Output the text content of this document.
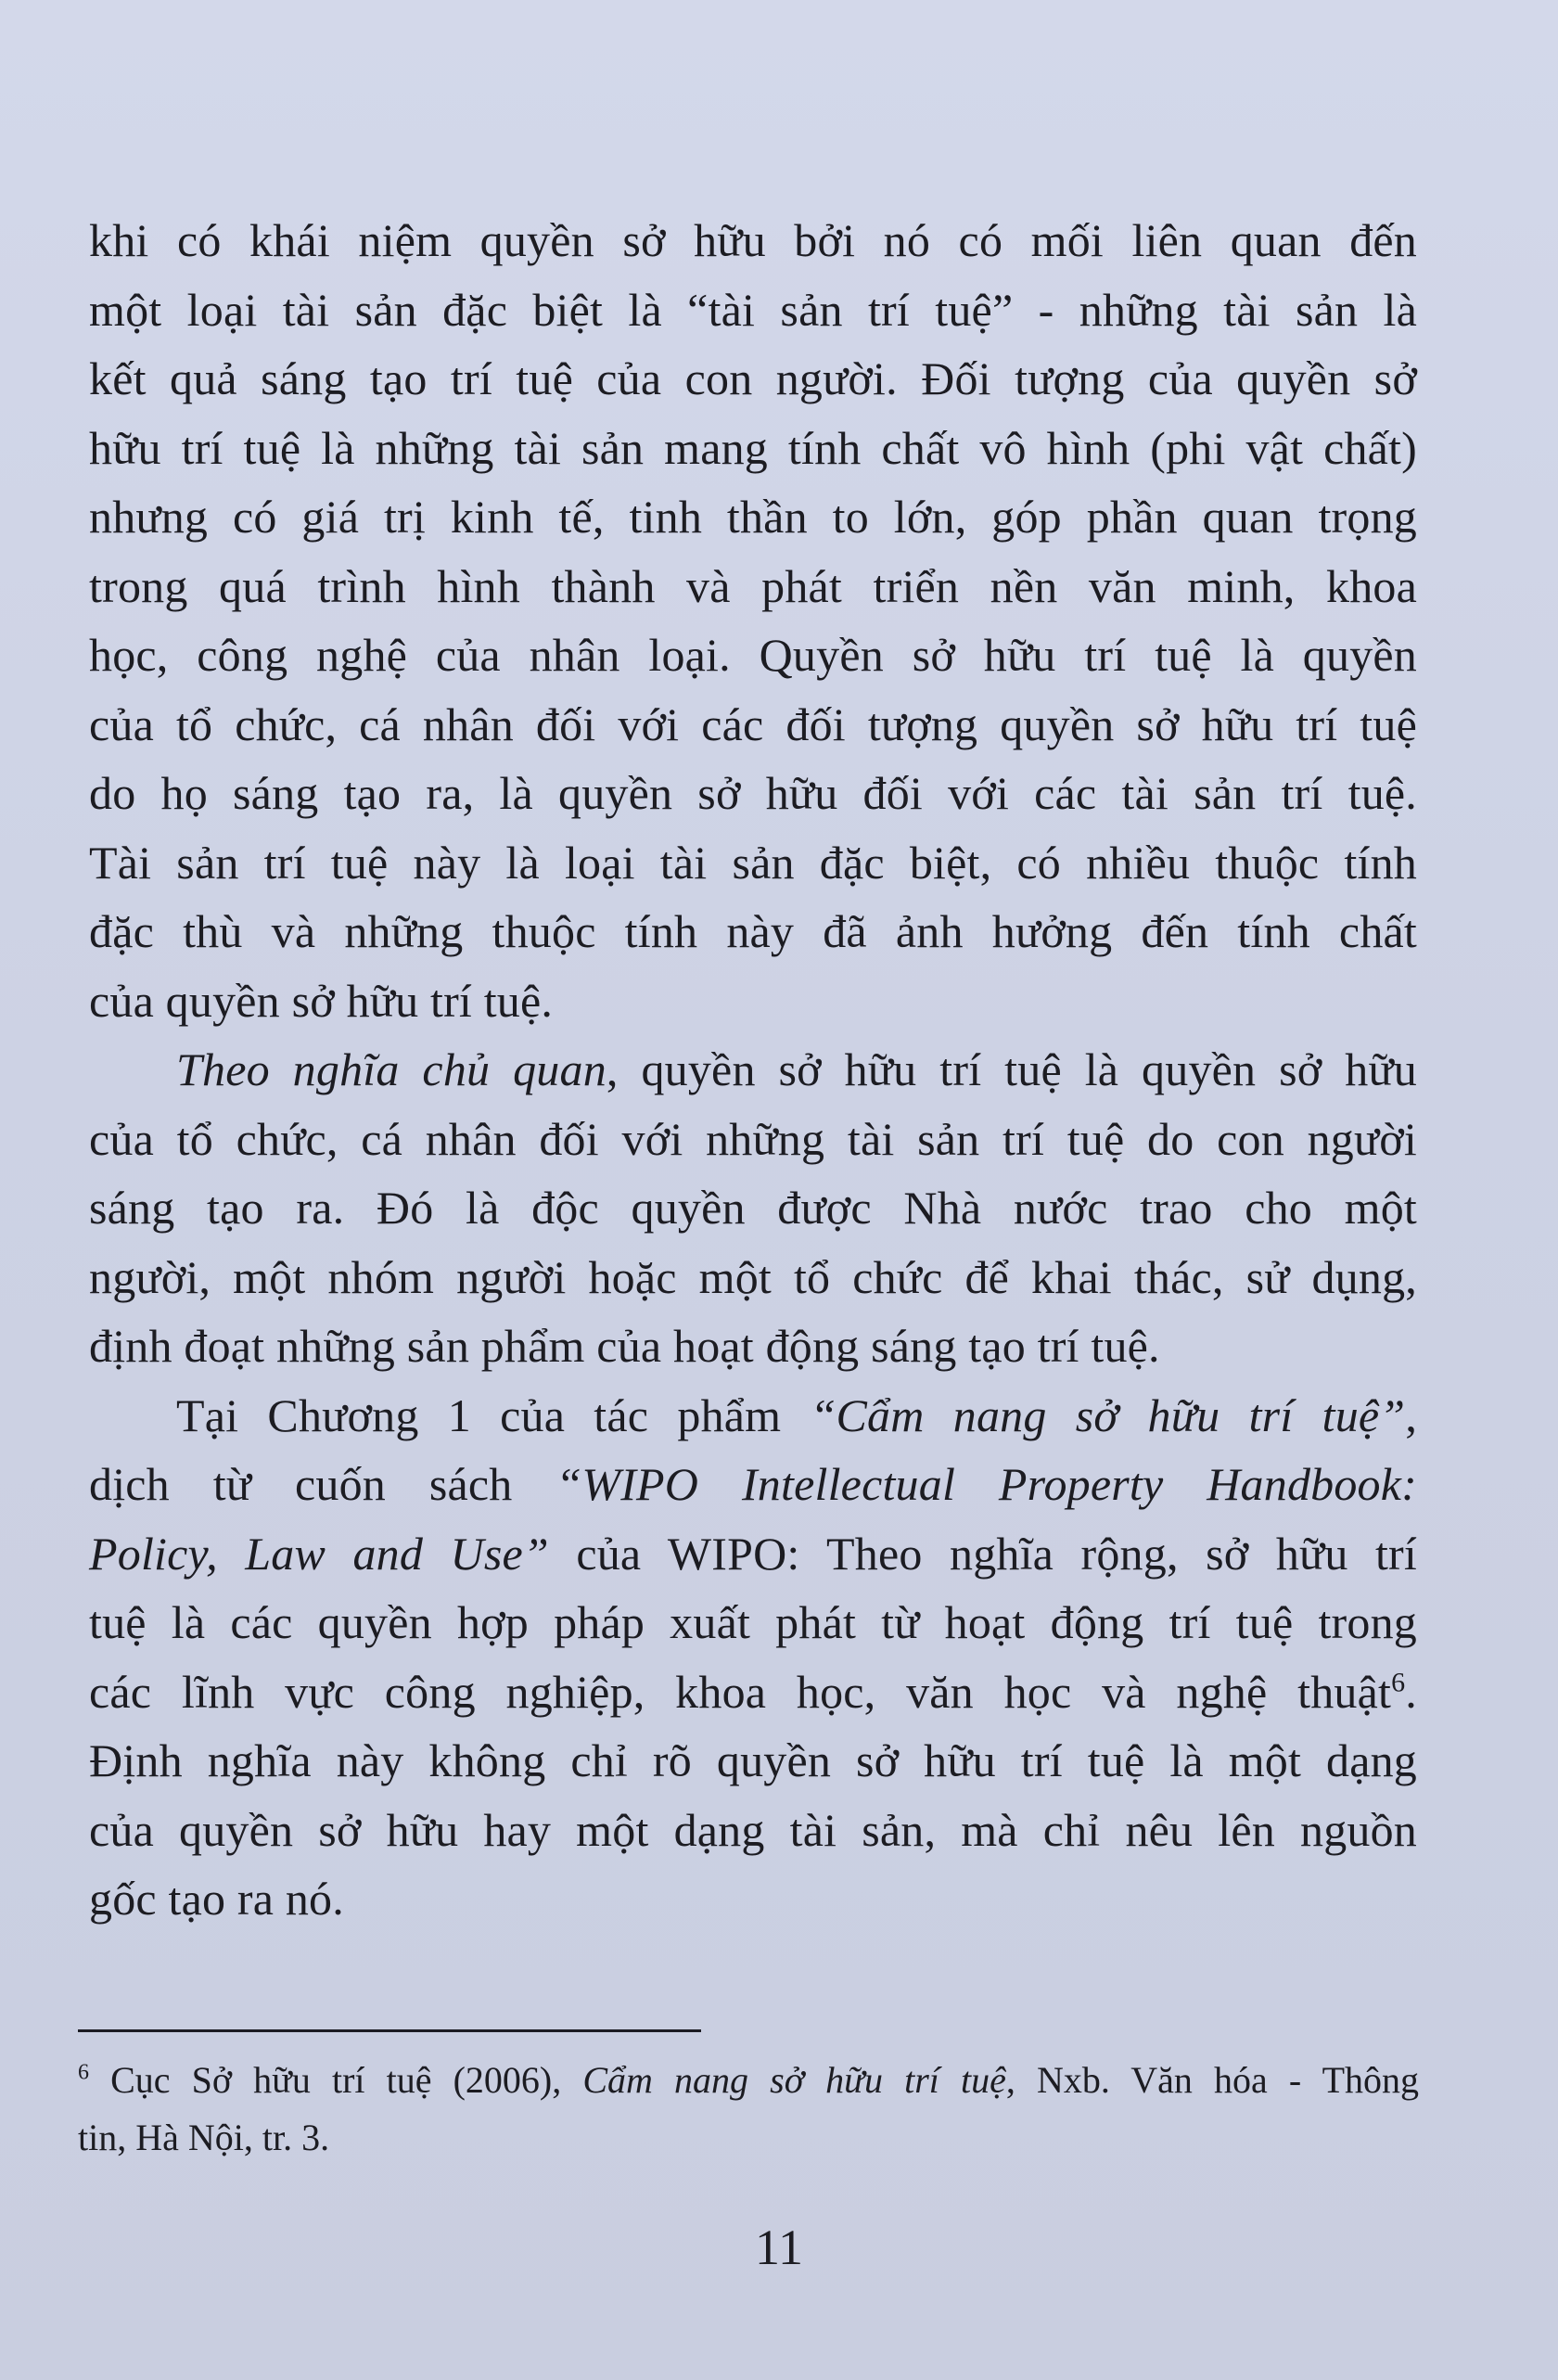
khi có khái niệm quyền sở hữu bởi nó có mối liên quan đến
một loại tài sản đặc biệt là “tài sản trí tuệ” - những tài sản là
kết quả sáng tạo trí tuệ của con người. Đối tượng của quyền sở
hữu trí tuệ là những tài sản mang tính chất vô hình (phi vật chất)
nhưng có giá trị kinh tế, tinh thần to lớn, góp phần quan trọng
trong quá trình hình thành và phát triển nền văn minh, khoa
học, công nghệ của nhân loại. Quyền sở hữu trí tuệ là quyền
của tổ chức, cá nhân đối với các đối tượng quyền sở hữu trí tuệ
do họ sáng tạo ra, là quyền sở hữu đối với các tài sản trí tuệ.
Tài sản trí tuệ này là loại tài sản đặc biệt, có nhiều thuộc tính
đặc thù và những thuộc tính này đã ảnh hưởng đến tính chất
của quyền sở hữu trí tuệ.
Theo nghĩa chủ quan, quyền sở hữu trí tuệ là quyền sở hữu
của tổ chức, cá nhân đối với những tài sản trí tuệ do con người
sáng tạo ra. Đó là độc quyền được Nhà nước trao cho một
người, một nhóm người hoặc một tổ chức để khai thác, sử dụng,
định đoạt những sản phẩm của hoạt động sáng tạo trí tuệ.
Tại Chương 1 của tác phẩm “Cẩm nang sở hữu trí tuệ”,
dịch từ cuốn sách “WIPO Intellectual Property Handbook:
Policy, Law and Use” của WIPO: Theo nghĩa rộng, sở hữu trí
tuệ là các quyền hợp pháp xuất phát từ hoạt động trí tuệ trong
các lĩnh vực công nghiệp, khoa học, văn học và nghệ thuật$^6$.
Định nghĩa này không chỉ rõ quyền sở hữu trí tuệ là một dạng
của quyền sở hữu hay một dạng tài sản, mà chỉ nêu lên nguồn
gốc tạo ra nó.
$^6$ Cục Sở hữu trí tuệ (2006), Cẩm nang sở hữu trí tuệ, Nxb. Văn hóa - Thông
tin, Hà Nội, tr. 3.
11
